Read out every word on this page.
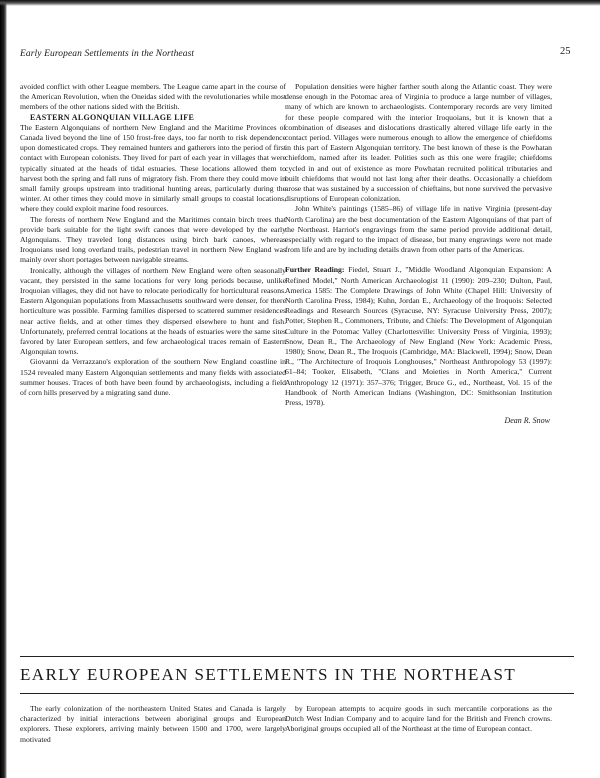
Early European Settlements in the Northeast	25

avoided conflict with other League members. The League came apart in the course of the American Revolution, when the Oneidas sided with the revolutionaries while most members of the other nations sided with the British.

EASTERN ALGONQUIAN VILLAGE LIFE

The Eastern Algonquians of northern New England and the Maritime Provinces of Canada lived beyond the line of 150 frost-free days, too far north to risk dependence upon domesticated crops. They remained hunters and gatherers into the period of first contact with European colonists. They lived for part of each year in villages that were typically situated at the heads of tidal estuaries. These locations allowed them to harvest both the spring and fall runs of migratory fish. From there they could move in small family groups upstream into traditional hunting areas, particularly during the winter. At other times they could move in similarly small groups to coastal locations, where they could exploit marine food resources.

The forests of northern New England and the Maritimes contain birch trees that provide bark suitable for the light swift canoes that were developed by the early Algonquians. They traveled long distances using birch bark canoes, whereas Iroquoians used long overland trails, pedestrian travel in northern New England was mainly over short portages between navigable streams.

Ironically, although the villages of northern New England were often seasonally vacant, they persisted in the same locations for very long periods because, unlike Iroquoian villages, they did not have to relocate periodically for horticultural reasons. Eastern Algonquian populations from Massachusetts southward were denser, for there horticulture was possible. Farming families dispersed to scattered summer residences near active fields, and at other times they dispersed elsewhere to hunt and fish. Unfortunately, preferred central locations at the heads of estuaries were the same sites favored by later European settlers, and few archaeological traces remain of Eastern Algonquian towns.

Giovanni da Verrazzano's exploration of the southern New England coastline in 1524 revealed many Eastern Algonquian settlements and many fields with associated summer houses. Traces of both have been found by archaeologists, including a field of corn hills preserved by a migrating sand dune.

Population densities were higher farther south along the Atlantic coast. They were dense enough in the Potomac area of Virginia to produce a large number of villages, many of which are known to archaeologists. Contemporary records are very limited for these people compared with the interior Iroquoians, but it is known that a combination of diseases and dislocations drastically altered village life early in the contact period. Villages were numerous enough to allow the emergence of chiefdoms in this part of Eastern Algonquian territory. The best known of these is the Powhatan chiefdom, named after its leader. Polities such as this one were fragile; chiefdoms cycled in and out of existence as more Powhatan recruited political tributaries and built chiefdoms that would not last long after their deaths. Occasionally a chiefdom arose that was sustained by a succession of chieftains, but none survived the pervasive disruptions of European colonization.

John White's paintings (1585–86) of village life in native Virginia (present-day North Carolina) are the best documentation of the Eastern Algonquians of that part of the Northeast. Harriot's engravings from the same period provide additional detail, especially with regard to the impact of disease, but many engravings were not made from life and are by including details drawn from other parts of the Americas.

Further Reading: Fiedel, Stuart J., "Middle Woodland Algonquian Expansion: A Refined Model," North American Archaeologist 11 (1990): 209–230; Dulton, Paul, America 1585: The Complete Drawings of John White (Chapel Hill: University of North Carolina Press, 1984); Kuhn, Jordan E., Archaeology of the Iroquois: Selected Readings and Research Sources (Syracuse, NY: Syracuse University Press, 2007); Potter, Stephen R., Commoners, Tribute, and Chiefs: The Development of Algonquian Culture in the Potomac Valley (Charlottesville: University Press of Virginia, 1993); Snow, Dean R., The Archaeology of New England (New York: Academic Press, 1980); Snow, Dean R., The Iroquois (Cambridge, MA: Blackwell, 1994); Snow, Dean R., "The Architecture of Iroquois Longhouses," Northeast Anthropology 53 (1997): 61–84; Tooker, Elisabeth, "Clans and Moieties in North America," Current Anthropology 12 (1971): 357–376; Trigger, Bruce G., ed., Northeast, Vol. 15 of the Handbook of North American Indians (Washington, DC: Smithsonian Institution Press, 1978).

Dean R. Snow
EARLY EUROPEAN SETTLEMENTS IN THE NORTHEAST

The early colonization of the northeastern United States and Canada is largely characterized by initial interactions between aboriginal groups and European explorers. These explorers, arriving mainly between 1500 and 1700, were largely motivated

by European attempts to acquire goods in such mercantile corporations as the Dutch West Indian Company and to acquire land for the British and French crowns. Aboriginal groups occupied all of the Northeast at the time of European contact.
